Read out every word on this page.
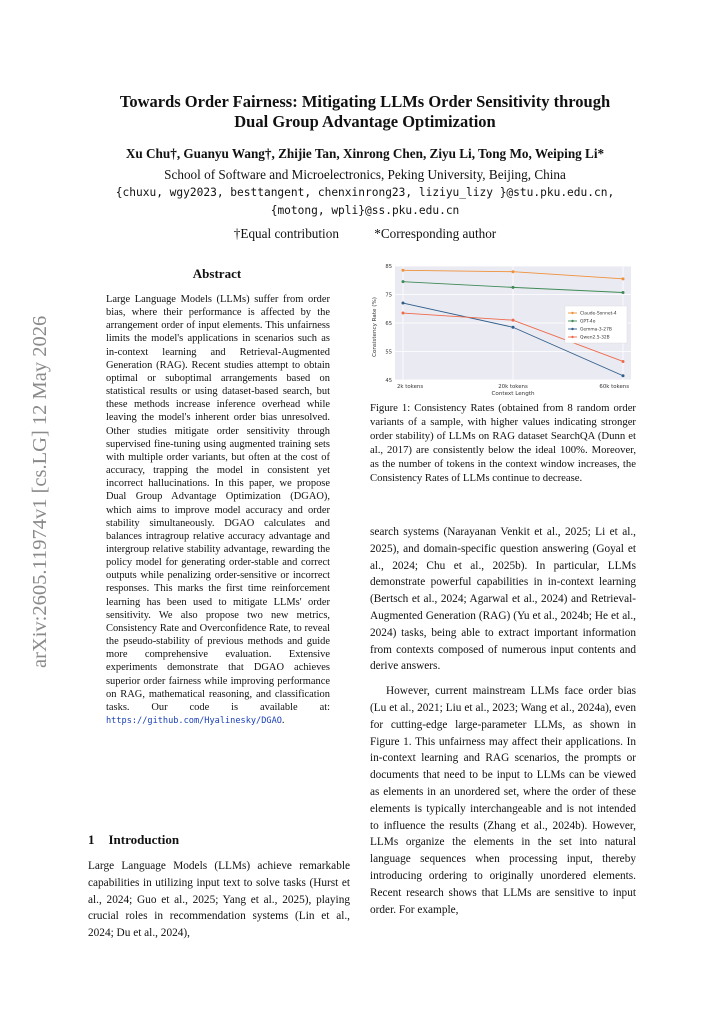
arXiv:2605.11974v1 [cs.LG] 12 May 2026
Towards Order Fairness: Mitigating LLMs Order Sensitivity through
Dual Group Advantage Optimization
Xu Chu†, Guanyu Wang†, Zhijie Tan, Xinrong Chen, Ziyu Li, Tong Mo, Weiping Li*
School of Software and Microelectronics, Peking University, Beijing, China
{chuxu, wgy2023, besttangent, chenxinrong23, liziyu_lizy }@stu.pku.edu.cn,
{motong, wpli}@ss.pku.edu.cn
†Equal contribution	*Corresponding author
Abstract
Large Language Models (LLMs) suffer from order bias, where their performance is affected by the arrangement order of input elements. This unfairness limits the model's applications in scenarios such as in-context learning and Retrieval-Augmented Generation (RAG). Recent studies attempt to obtain optimal or suboptimal arrangements based on statistical results or using dataset-based search, but these methods increase inference overhead while leaving the model's inherent order bias unresolved. Other studies mitigate order sensitivity through supervised fine-tuning using augmented training sets with multiple order variants, but often at the cost of accuracy, trapping the model in consistent yet incorrect hallucinations. In this paper, we propose Dual Group Advantage Optimization (DGAO), which aims to improve model accuracy and order stability simultaneously. DGAO calculates and balances intragroup relative accuracy advantage and intergroup relative stability advantage, rewarding the policy model for generating order-stable and correct outputs while penalizing order-sensitive or incorrect responses. This marks the first time reinforcement learning has been used to mitigate LLMs' order sensitivity. We also propose two new metrics, Consistency Rate and Overconfidence Rate, to reveal the pseudo-stability of previous methods and guide more comprehensive evaluation. Extensive experiments demonstrate that DGAO achieves superior order fairness while improving performance on RAG, mathematical reasoning, and classification tasks. Our code is available at: https://github.com/Hyalinesky/DGAO.
1 Introduction
Large Language Models (LLMs) achieve remarkable capabilities in utilizing input text to solve tasks (Hurst et al., 2024; Guo et al., 2025; Yang et al., 2025), playing crucial roles in recommendation systems (Lin et al., 2024; Du et al., 2024),
45
55
65
75
85
2k tokens	20k tokens	60k tokens
Consistency Rate (%)
Context Length
Claude-Sonnet-4
GPT-4o
Gemma-3-27B
Qwen2.5-32B
Figure 1: Consistency Rates (obtained from 8 random order variants of a sample, with higher values indicating stronger order stability) of LLMs on RAG dataset SearchQA (Dunn et al., 2017) are consistently below the ideal 100%. Moreover, as the number of tokens in the context window increases, the Consistency Rates of LLMs continue to decrease.

search systems (Narayanan Venkit et al., 2025; Li et al., 2025), and domain-specific question answering (Goyal et al., 2024; Chu et al., 2025b). In particular, LLMs demonstrate powerful capabilities in in-context learning (Bertsch et al., 2024; Agarwal et al., 2024) and Retrieval-Augmented Generation (RAG) (Yu et al., 2024b; He et al., 2024) tasks, being able to extract important information from contexts composed of numerous input contents and derive answers.

However, current mainstream LLMs face order bias (Lu et al., 2021; Liu et al., 2023; Wang et al., 2024a), even for cutting-edge large-parameter LLMs, as shown in Figure 1. This unfairness may affect their applications. In in-context learning and RAG scenarios, the prompts or documents that need to be input to LLMs can be viewed as elements in an unordered set, where the order of these elements is typically interchangeable and is not intended to influence the results (Zhang et al., 2024b). However, LLMs organize the elements in the set into natural language sequences when processing input, thereby introducing ordering to originally unordered elements. Recent research shows that LLMs are sensitive to input order. For example,
